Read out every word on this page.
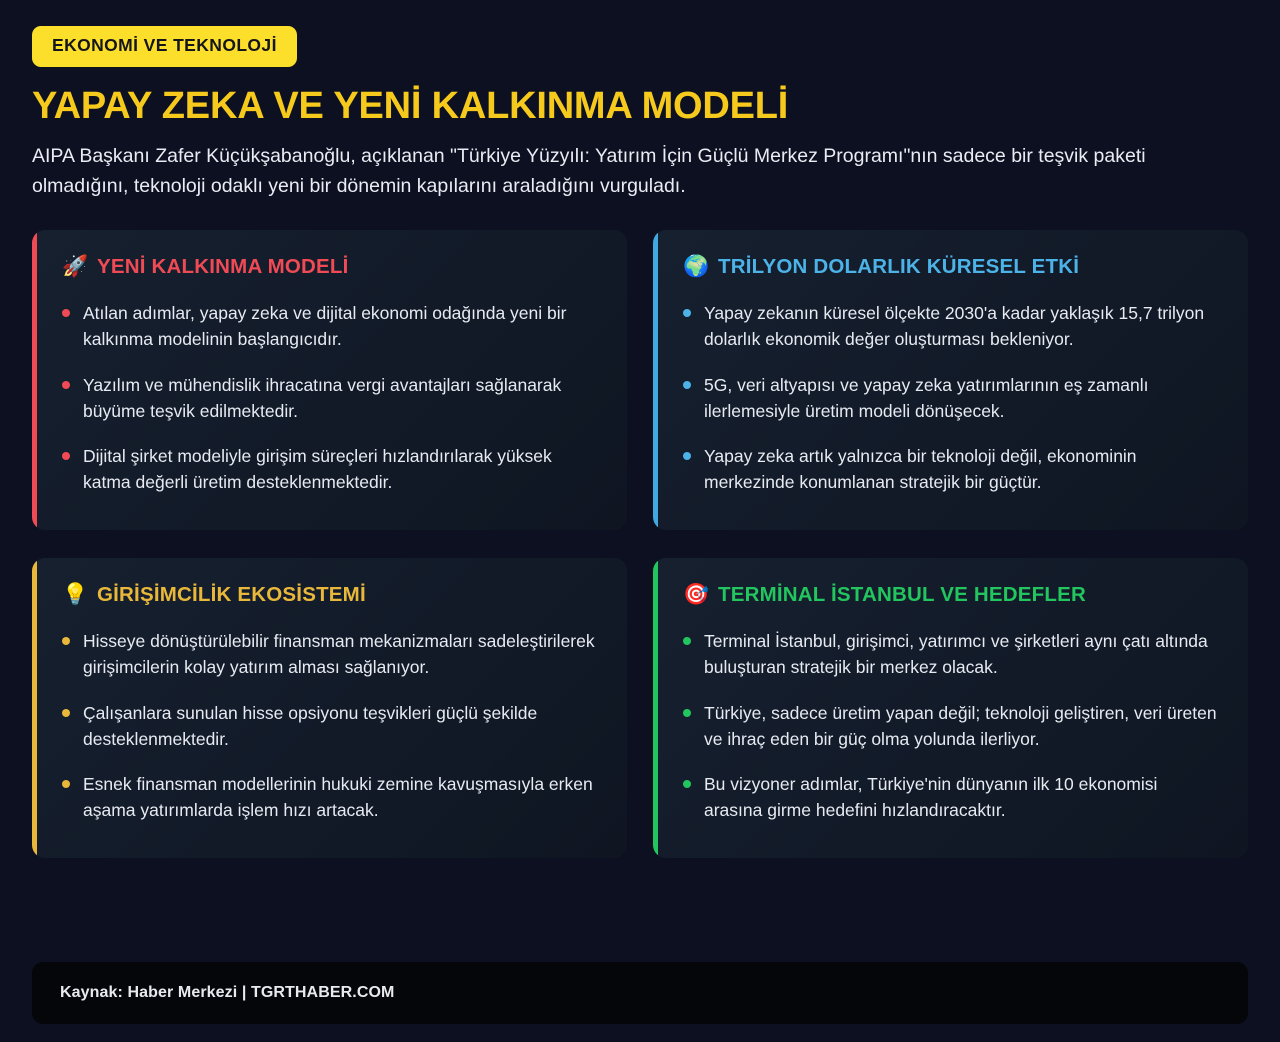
EKONOMİ VE TEKNOLOJİ
YAPAY ZEKA VE YENİ KALKINMA MODELİ

AIPA Başkanı Zafer Küçükşabanoğlu, açıklanan "Türkiye Yüzyılı: Yatırım İçin Güçlü Merkez Programı"nın sadece bir teşvik paketi olmadığını, teknoloji odaklı yeni bir dönemin kapılarını araladığını vurguladı.

🚀 YENİ KALKINMA MODELİ
Atılan adımlar, yapay zeka ve dijital ekonomi odağında yeni bir kalkınma modelinin başlangıcıdır.
Yazılım ve mühendislik ihracatına vergi avantajları sağlanarak büyüme teşvik edilmektedir.
Dijital şirket modeliyle girişim süreçleri hızlandırılarak yüksek katma değerli üretim desteklenmektedir.
🌍 TRİLYON DOLARLIK KÜRESEL ETKİ
Yapay zekanın küresel ölçekte 2030'a kadar yaklaşık 15,7 trilyon dolarlık ekonomik değer oluşturması bekleniyor.
5G, veri altyapısı ve yapay zeka yatırımlarının eş zamanlı ilerlemesiyle üretim modeli dönüşecek.
Yapay zeka artık yalnızca bir teknoloji değil, ekonominin merkezinde konumlanan stratejik bir güçtür.
💡 GİRİŞİMCİLİK EKOSİSTEMİ
Hisseye dönüştürülebilir finansman mekanizmaları sadeleştirilerek girişimcilerin kolay yatırım alması sağlanıyor.
Çalışanlara sunulan hisse opsiyonu teşvikleri güçlü şekilde desteklenmektedir.
Esnek finansman modellerinin hukuki zemine kavuşmasıyla erken aşama yatırımlarda işlem hızı artacak.
🎯 TERMİNAL İSTANBUL VE HEDEFLER
Terminal İstanbul, girişimci, yatırımcı ve şirketleri aynı çatı altında buluşturan stratejik bir merkez olacak.
Türkiye, sadece üretim yapan değil; teknoloji geliştiren, veri üreten ve ihraç eden bir güç olma yolunda ilerliyor.
Bu vizyoner adımlar, Türkiye'nin dünyanın ilk 10 ekonomisi arasına girme hedefini hızlandıracaktır.
Kaynak: Haber Merkezi | TGRTHABER.COM
